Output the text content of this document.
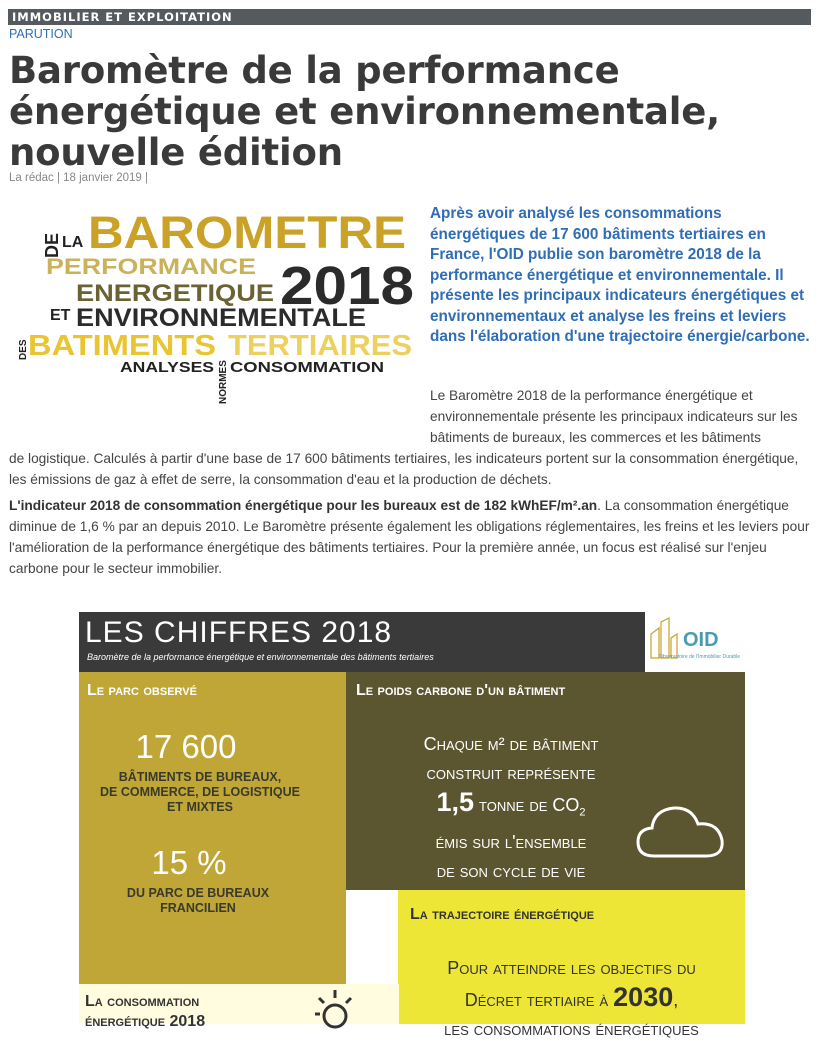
IMMOBILIER ET EXPLOITATION
PARUTION
Baromètre de la performance énergétique et environnementale, nouvelle édition
La rédac | 18 janvier 2019 |
DE LA BAROMETRE
PERFORMANCE
ENERGETIQUE 2018
ET ENVIRONNEMENTALE
DES BATIMENTS TERTIAIRES
ANALYSES NORMES CONSOMMATION

Après avoir analysé les consommations énergétiques de 17 600 bâtiments tertiaires en France, l'OID publie son baromètre 2018 de la performance énergétique et environnementale. Il présente les principaux indicateurs énergétiques et environnementaux et analyse les freins et leviers dans l'élaboration d'une trajectoire énergie/carbone.

Le Baromètre 2018 de la performance énergétique et environnementale présente les principaux indicateurs sur les bâtiments de bureaux, les commerces et les bâtiments

de logistique. Calculés à partir d'une base de 17 600 bâtiments tertiaires, les indicateurs portent sur la consommation énergétique, les émissions de gaz à effet de serre, la consommation d'eau et la production de déchets.

L'indicateur 2018 de consommation énergétique pour les bureaux est de 182 kWhEF/m².an. La consommation énergétique diminue de 1,6 % par an depuis 2010. Le Baromètre présente également les obligations réglementaires, les freins et les leviers pour l'amélioration de la performance énergétique des bâtiments tertiaires. Pour la première année, un focus est réalisé sur l'enjeu carbone pour le secteur immobilier.

LES CHIFFRES 2018
Baromètre de la performance énergétique et environnementale des bâtiments tertiaires
OID
Observatoire de l'Immobilier Durable
Le parc observé
17 600
BÂTIMENTS DE BUREAUX,
DE COMMERCE, DE LOGISTIQUE
ET MIXTES
15 %
DU PARC DE BUREAUX
FRANCILIEN
Le poids carbone d'un bâtiment
Chaque m² de bâtiment
construit représente
1,5 tonne de $CO_2$
émis sur l'ensemble
de son cycle de vie
La trajectoire énergétique
Pour atteindre les objectifs du
Décret tertiaire à 2030,
les consommations énergétiques
La consommation
énergétique 2018
